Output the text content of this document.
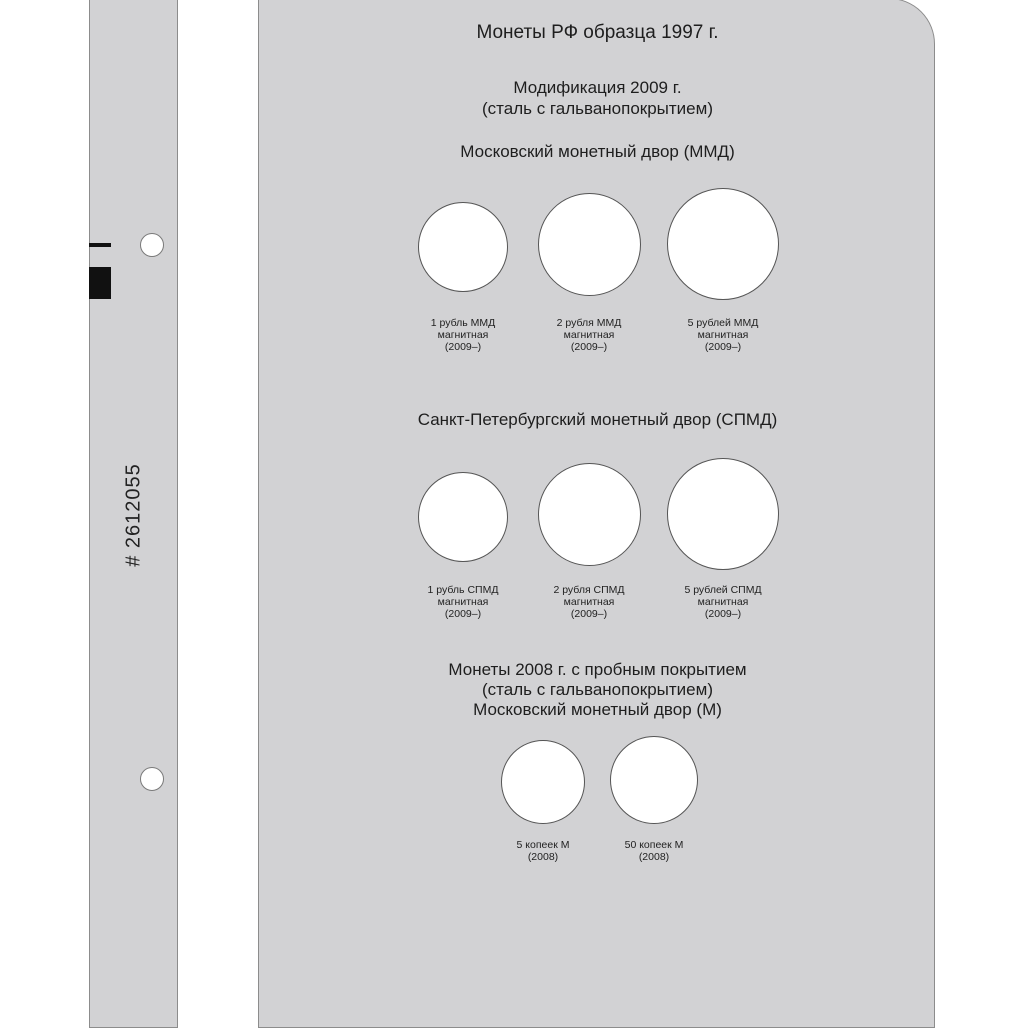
# 2612055
Монеты РФ образца 1997 г.
Модификация 2009 г.
(сталь с гальванопокрытием)
Московский монетный двор (ММД)
1 рубль ММД
магнитная
(2009–)
2 рубля ММД
магнитная
(2009–)
5 рублей ММД
магнитная
(2009–)
Санкт-Петербургский монетный двор (СПМД)
1 рубль СПМД
магнитная
(2009–)
2 рубля СПМД
магнитная
(2009–)
5 рублей СПМД
магнитная
(2009–)
Монеты 2008 г. с пробным покрытием
(сталь с гальванопокрытием)
Московский монетный двор (М)
5 копеек М
(2008)
50 копеек М
(2008)
